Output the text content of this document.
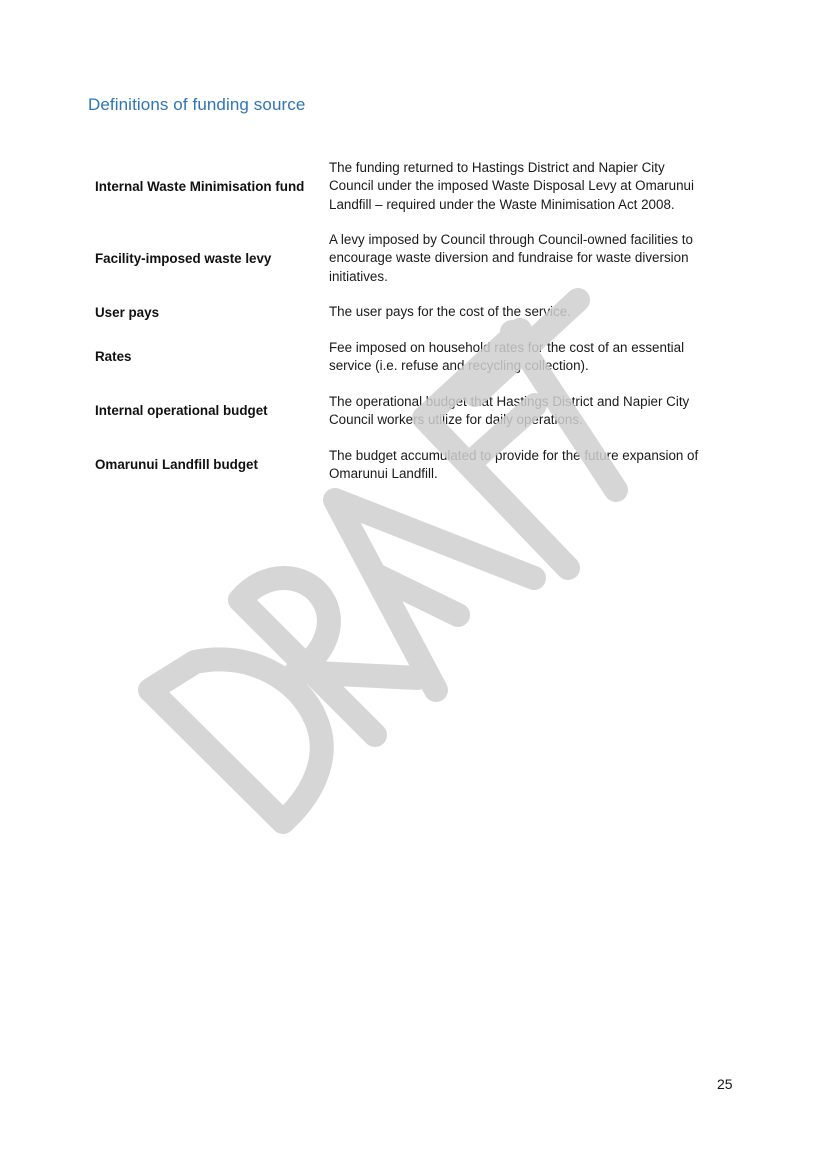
Definitions of funding source
Internal Waste Minimisation fund	The funding returned to Hastings District and Napier City
Council under the imposed Waste Disposal Levy at Omarunui
Landfill – required under the Waste Minimisation Act 2008.

Facility-imposed waste levy	A levy imposed by Council through Council-owned facilities to
encourage waste diversion and fundraise for waste diversion
initiatives.

User pays	The user pays for the cost of the service.

Rates	Fee imposed on household rates for the cost of an essential
service (i.e. refuse and recycling collection).

Internal operational budget	The operational budget that Hastings District and Napier City
Council workers utilize for daily operations.

Omarunui Landfill budget	The budget accumulated to provide for the future expansion of
Omarunui Landfill.
25
